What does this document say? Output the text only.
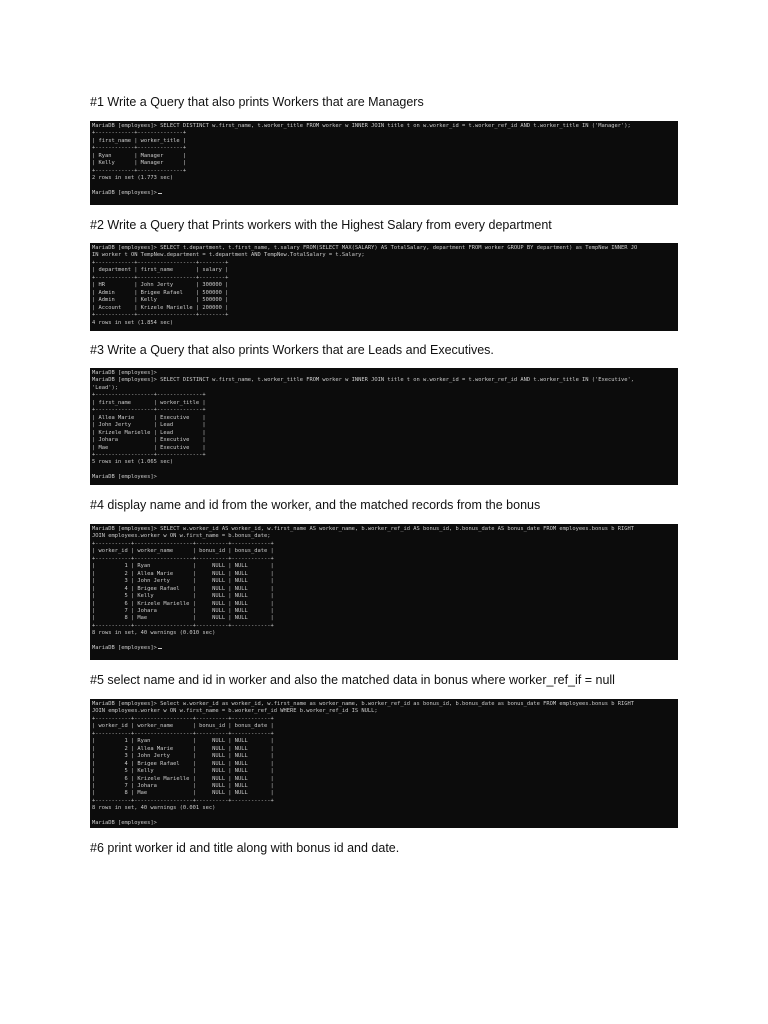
#1 Write a Query that also prints Workers that are Managers
MariaDB [employees]> SELECT DISTINCT w.first_name, t.worker_title FROM worker w INNER JOIN title t on w.worker_id = t.worker_ref_id AND t.worker_title IN ('Manager');
+------------+--------------+
| first_name | worker_title |
+------------+--------------+
| Ryan       | Manager      |
| Kelly      | Manager      |
+------------+--------------+
2 rows in set (1.773 sec)

MariaDB [employees]>
#2 Write a Query that Prints workers with the Highest Salary from every department
MariaDB [employees]> SELECT t.department, t.first_name, t.salary FROM(SELECT MAX(SALARY) AS TotalSalary, department FROM worker GROUP BY department) as TempNew INNER JO
IN worker t ON TempNew.department = t.department AND TempNew.TotalSalary = t.Salary;
+------------+------------------+--------+
| department | first_name       | salary |
+------------+------------------+--------+
| HR         | John Jerty       | 300000 |
| Admin      | Brigee Rafael    | 500000 |
| Admin      | Kelly            | 500000 |
| Account    | Krizele Marielle | 200000 |
+------------+------------------+--------+
4 rows in set (1.854 sec)
#3 Write a Query that also prints Workers that are Leads and Executives.
MariaDB [employees]>
MariaDB [employees]> SELECT DISTINCT w.first_name, t.worker_title FROM worker w INNER JOIN title t on w.worker_id = t.worker_ref_id AND t.worker_title IN ('Executive',
'Lead');
+------------------+--------------+
| first_name       | worker_title |
+------------------+--------------+
| Allea Marie      | Executive    |
| John Jerty       | Lead         |
| Krizele Marielle | Lead         |
| Johara           | Executive    |
| Mae              | Executive    |
+------------------+--------------+
5 rows in set (1.065 sec)

MariaDB [employees]>
#4 display name and id from the worker, and the matched records from the bonus
MariaDB [employees]> SELECT w.worker_id AS worker_id, w.first_name AS worker_name, b.worker_ref_id AS bonus_id, b.bonus_date AS bonus_date FROM employees.bonus b RIGHT
JOIN employees.worker w ON w.first_name = b.bonus_date;
+-----------+------------------+----------+------------+
| worker_id | worker_name      | bonus_id | bonus_date |
+-----------+------------------+----------+------------+
|         1 | Ryan             |     NULL | NULL       |
|         2 | Allea Marie      |     NULL | NULL       |
|         3 | John Jerty       |     NULL | NULL       |
|         4 | Brigee Rafael    |     NULL | NULL       |
|         5 | Kelly            |     NULL | NULL       |
|         6 | Krizele Marielle |     NULL | NULL       |
|         7 | Johara           |     NULL | NULL       |
|         8 | Mae              |     NULL | NULL       |
+-----------+------------------+----------+------------+
8 rows in set, 40 warnings (0.010 sec)

MariaDB [employees]>
#5 select name and id in worker and also the matched data in bonus where worker_ref_if = null
MariaDB [employees]> Select w.worker_id as worker_id, w.first_name as worker_name, b.worker_ref_id as bonus_id, b.bonus_date as bonus_date FROM employees.bonus b RIGHT
JOIN employees.worker w ON w.first_name = b.worker_ref_id WHERE b.worker_ref_id IS NULL;
+-----------+------------------+----------+------------+
| worker_id | worker_name      | bonus_id | bonus_date |
+-----------+------------------+----------+------------+
|         1 | Ryan             |     NULL | NULL       |
|         2 | Allea Marie      |     NULL | NULL       |
|         3 | John Jerty       |     NULL | NULL       |
|         4 | Brigee Rafael    |     NULL | NULL       |
|         5 | Kelly            |     NULL | NULL       |
|         6 | Krizele Marielle |     NULL | NULL       |
|         7 | Johara           |     NULL | NULL       |
|         8 | Mae              |     NULL | NULL       |
+-----------+------------------+----------+------------+
8 rows in set, 40 warnings (0.001 sec)

MariaDB [employees]>
#6 print worker id and title along with bonus id and date.
